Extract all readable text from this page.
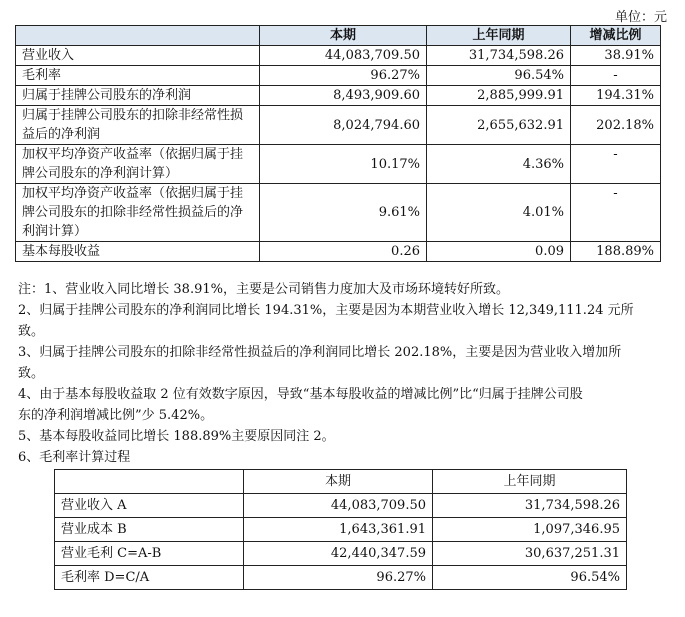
单位：元
	本期	上年同期	增减比例
营业收入	44,083,709.50	31,734,598.26	38.91%
毛利率	96.27%	96.54%	-
归属于挂牌公司股东的净利润	8,493,909.60	2,885,999.91	194.31%
归属于挂牌公司股东的扣除非经常性损益后的净利润	8,024,794.60	2,655,632.91	202.18%
加权平均净资产收益率（依据归属于挂牌公司股东的净利润计算）	10.17%	4.36%	-
加权平均净资产收益率（依据归属于挂牌公司股东的扣除非经常性损益后的净利润计算）	9.61%	4.01%	-
基本每股收益	0.26	0.09	188.89%
注：1、营业收入同比增长 38.91%，主要是公司销售力度加大及市场环境转好所致。
2、归属于挂牌公司股东的净利润同比增长 194.31%，主要是因为本期营业收入增长 12,349,111.24 元所
致。
3、归属于挂牌公司股东的扣除非经常性损益后的净利润同比增长 202.18%，主要是因为营业收入增加所
致。
4、由于基本每股收益取 2 位有效数字原因，导致“基本每股收益的增减比例”比“归属于挂牌公司股
东的净利润增减比例”少 5.42%。
5、基本每股收益同比增长 188.89%主要原因同注 2。
6、毛利率计算过程
	本期	上年同期
营业收入 A	44,083,709.50	31,734,598.26
营业成本 B	1,643,361.91	1,097,346.95
营业毛利 C=A-B	42,440,347.59	30,637,251.31
毛利率 D=C/A	96.27%	96.54%
